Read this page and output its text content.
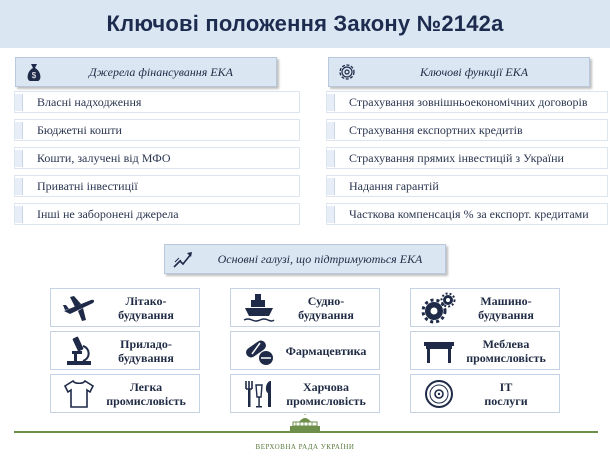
Ключові положення Закону №2142а
$	Джерела фінансування ЕКА	Ключові функції ЕКА
Власні надходження
Бюджетні кошти
Кошти, залучені від МФО
Приватні інвестиції
Інші не заборонені джерела
Страхування зовнішньоекономічних договорів
Страхування експортних кредитів
Страхування прямих інвестицій з України
Надання гарантій
Часткова компенсація % за експорт. кредитами
Основні галузі, що підтримуються ЕКА
Літако-
будування
Судно-
будування
Машино-
будування
Приладо-
будування	Фармацевтика	Меблева
промисловість
Легка
промисловість
Харчова
промисловість
IT
послуги
ВЕРХОВНА РАДА УКРАЇНИ
